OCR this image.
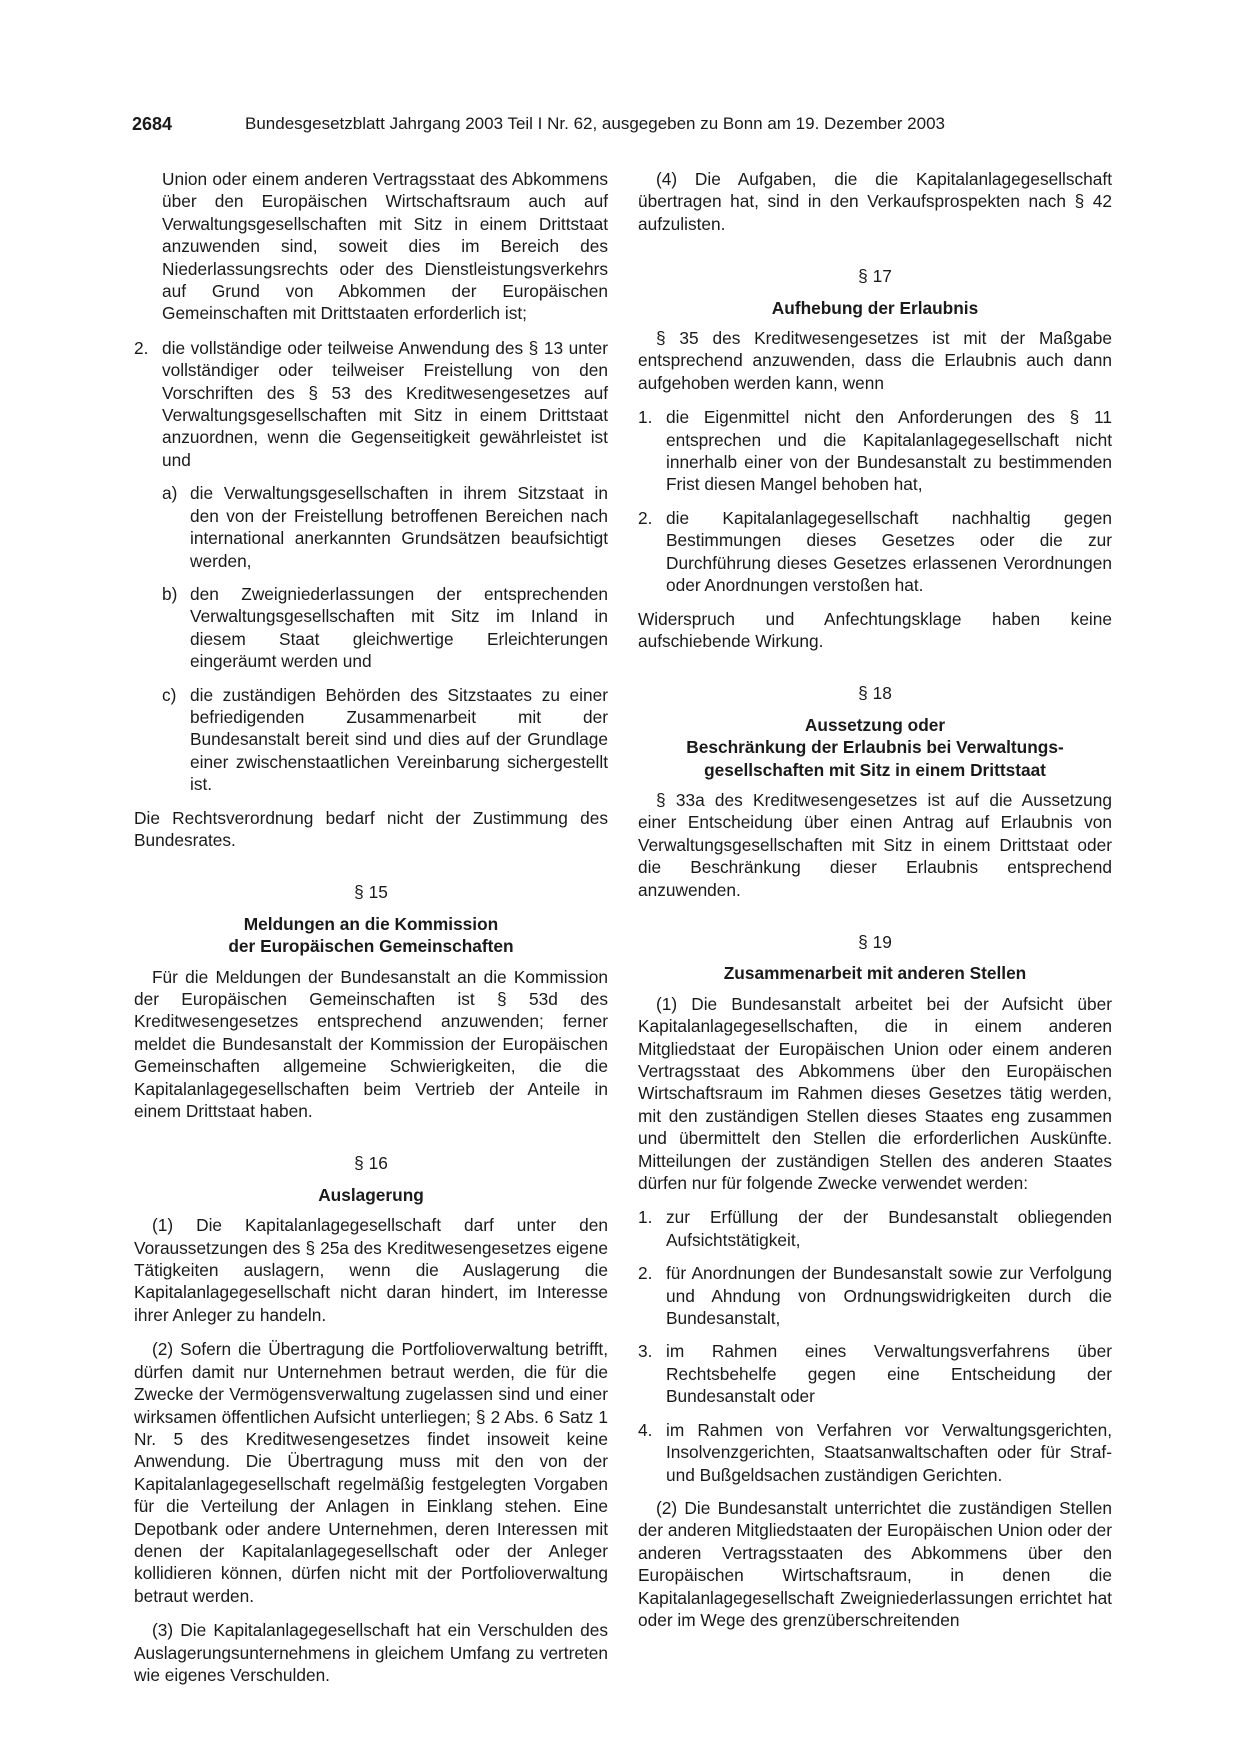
2684	Bundesgesetzblatt Jahrgang 2003 Teil I Nr. 62, ausgegeben zu Bonn am 19. Dezember 2003

Union oder einem anderen Vertragsstaat des Abkommens über den Europäischen Wirtschaftsraum auch auf Verwaltungsgesellschaften mit Sitz in einem Drittstaat anzuwenden sind, soweit dies im Bereich des Niederlassungsrechts oder des Dienstleistungsverkehrs auf Grund von Abkommen der Europäischen Gemeinschaften mit Drittstaaten erforderlich ist;

2. die vollständige oder teilweise Anwendung des § 13 unter vollständiger oder teilweiser Freistellung von den Vorschriften des § 53 des Kreditwesengesetzes auf Verwaltungsgesellschaften mit Sitz in einem Drittstaat anzuordnen, wenn die Gegenseitigkeit gewährleistet ist und
a) die Verwaltungsgesellschaften in ihrem Sitzstaat in den von der Freistellung betroffenen Bereichen nach international anerkannten Grundsätzen beaufsichtigt werden,
b) den Zweigniederlassungen der entsprechenden Verwaltungsgesellschaften mit Sitz im Inland in diesem Staat gleichwertige Erleichterungen eingeräumt werden und
c) die zuständigen Behörden des Sitzstaates zu einer befriedigenden Zusammenarbeit mit der Bundesanstalt bereit sind und dies auf der Grundlage einer zwischenstaatlichen Vereinbarung sichergestellt ist.

Die Rechtsverordnung bedarf nicht der Zustimmung des Bundesrates.

§ 15
Meldungen an die Kommission
der Europäischen Gemeinschaften

Für die Meldungen der Bundesanstalt an die Kommission der Europäischen Gemeinschaften ist § 53d des Kreditwesengesetzes entsprechend anzuwenden; ferner meldet die Bundesanstalt der Kommission der Europäischen Gemeinschaften allgemeine Schwierigkeiten, die die Kapitalanlagegesellschaften beim Vertrieb der Anteile in einem Drittstaat haben.

§ 16
Auslagerung

(1) Die Kapitalanlagegesellschaft darf unter den Voraussetzungen des § 25a des Kreditwesengesetzes eigene Tätigkeiten auslagern, wenn die Auslagerung die Kapitalanlagegesellschaft nicht daran hindert, im Interesse ihrer Anleger zu handeln.

(2) Sofern die Übertragung die Portfolioverwaltung betrifft, dürfen damit nur Unternehmen betraut werden, die für die Zwecke der Vermögensverwaltung zugelassen sind und einer wirksamen öffentlichen Aufsicht unterliegen; § 2 Abs. 6 Satz 1 Nr. 5 des Kreditwesengesetzes findet insoweit keine Anwendung. Die Übertragung muss mit den von der Kapitalanlagegesellschaft regelmäßig festgelegten Vorgaben für die Verteilung der Anlagen in Einklang stehen. Eine Depotbank oder andere Unternehmen, deren Interessen mit denen der Kapitalanlagegesellschaft oder der Anleger kollidieren können, dürfen nicht mit der Portfolioverwaltung betraut werden.

(3) Die Kapitalanlagegesellschaft hat ein Verschulden des Auslagerungsunternehmens in gleichem Umfang zu vertreten wie eigenes Verschulden.

(4) Die Aufgaben, die die Kapitalanlagegesellschaft übertragen hat, sind in den Verkaufsprospekten nach § 42 aufzulisten.

§ 17
Aufhebung der Erlaubnis

§ 35 des Kreditwesengesetzes ist mit der Maßgabe entsprechend anzuwenden, dass die Erlaubnis auch dann aufgehoben werden kann, wenn

1. die Eigenmittel nicht den Anforderungen des § 11 entsprechen und die Kapitalanlagegesellschaft nicht innerhalb einer von der Bundesanstalt zu bestimmenden Frist diesen Mangel behoben hat,
2. die Kapitalanlagegesellschaft nachhaltig gegen Bestimmungen dieses Gesetzes oder die zur Durchführung dieses Gesetzes erlassenen Verordnungen oder Anordnungen verstoßen hat.

Widerspruch und Anfechtungsklage haben keine aufschiebende Wirkung.

§ 18
Aussetzung oder
Beschränkung der Erlaubnis bei Verwaltungs-
gesellschaften mit Sitz in einem Drittstaat

§ 33a des Kreditwesengesetzes ist auf die Aussetzung einer Entscheidung über einen Antrag auf Erlaubnis von Verwaltungsgesellschaften mit Sitz in einem Drittstaat oder die Beschränkung dieser Erlaubnis entsprechend anzuwenden.

§ 19
Zusammenarbeit mit anderen Stellen

(1) Die Bundesanstalt arbeitet bei der Aufsicht über Kapitalanlagegesellschaften, die in einem anderen Mitgliedstaat der Europäischen Union oder einem anderen Vertragsstaat des Abkommens über den Europäischen Wirtschaftsraum im Rahmen dieses Gesetzes tätig werden, mit den zuständigen Stellen dieses Staates eng zusammen und übermittelt den Stellen die erforderlichen Auskünfte. Mitteilungen der zuständigen Stellen des anderen Staates dürfen nur für folgende Zwecke verwendet werden:

1. zur Erfüllung der der Bundesanstalt obliegenden Aufsichtstätigkeit,
2. für Anordnungen der Bundesanstalt sowie zur Verfolgung und Ahndung von Ordnungswidrigkeiten durch die Bundesanstalt,
3. im Rahmen eines Verwaltungsverfahrens über Rechtsbehelfe gegen eine Entscheidung der Bundesanstalt oder
4. im Rahmen von Verfahren vor Verwaltungsgerichten, Insolvenzgerichten, Staatsanwaltschaften oder für Straf- und Bußgeldsachen zuständigen Gerichten.

(2) Die Bundesanstalt unterrichtet die zuständigen Stellen der anderen Mitgliedstaaten der Europäischen Union oder der anderen Vertragsstaaten des Abkommens über den Europäischen Wirtschaftsraum, in denen die Kapitalanlagegesellschaft Zweigniederlassungen errichtet hat oder im Wege des grenzüberschreitenden
